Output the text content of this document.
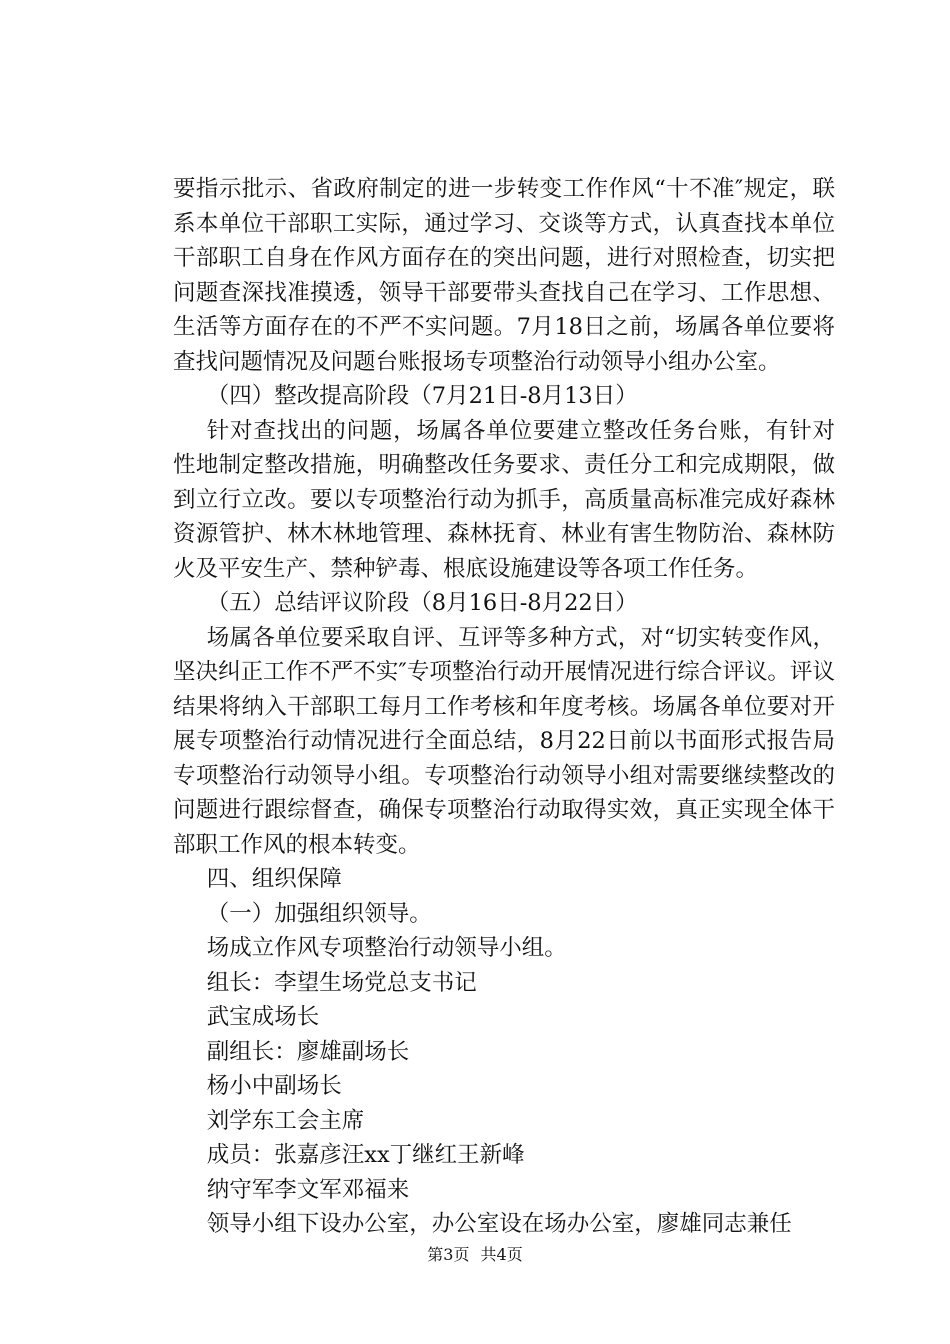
要指示批示、省政府制定的进一步转变工作作风“十不准″规定，联系本单位干部职工实际，通过学习、交谈等方式，认真查找本单位干部职工自身在作风方面存在的突出问题，进行对照检查，切实把问题查深找准摸透，领导干部要带头查找自己在学习、工作思想、生活等方面存在的不严不实问题。7月18日之前，场属各单位要将查找问题情况及问题台账报场专项整治行动领导小组办公室。

（四）整改提高阶段（7月21日-8月13日）

针对查找出的问题，场属各单位要建立整改任务台账，有针对性地制定整改措施，明确整改任务要求、责任分工和完成期限，做到立行立改。要以专项整治行动为抓手，高质量高标准完成好森林资源管护、林木林地管理、森林抚育、林业有害生物防治、森林防火及平安生产、禁种铲毒、根底设施建设等各项工作任务。

（五）总结评议阶段（8月16日-8月22日）

场属各单位要采取自评、互评等多种方式，对“切实转变作风，坚决纠正工作不严不实″专项整治行动开展情况进行综合评议。评议结果将纳入干部职工每月工作考核和年度考核。场属各单位要对开展专项整治行动情况进行全面总结，8月22日前以书面形式报告局专项整治行动领导小组。专项整治行动领导小组对需要继续整改的问题进行跟综督查，确保专项整治行动取得实效，真正实现全体干部职工作风的根本转变。

四、组织保障

（一）加强组织领导。

场成立作风专项整治行动领导小组。

组长：李望生场党总支书记

武宝成场长

副组长：廖雄副场长

杨小中副场长

刘学东工会主席

成员：张嘉彦汪xx丁继红王新峰

纳守军李文军邓福来

领导小组下设办公室，办公室设在场办公室，廖雄同志兼任

第3页 共4页
